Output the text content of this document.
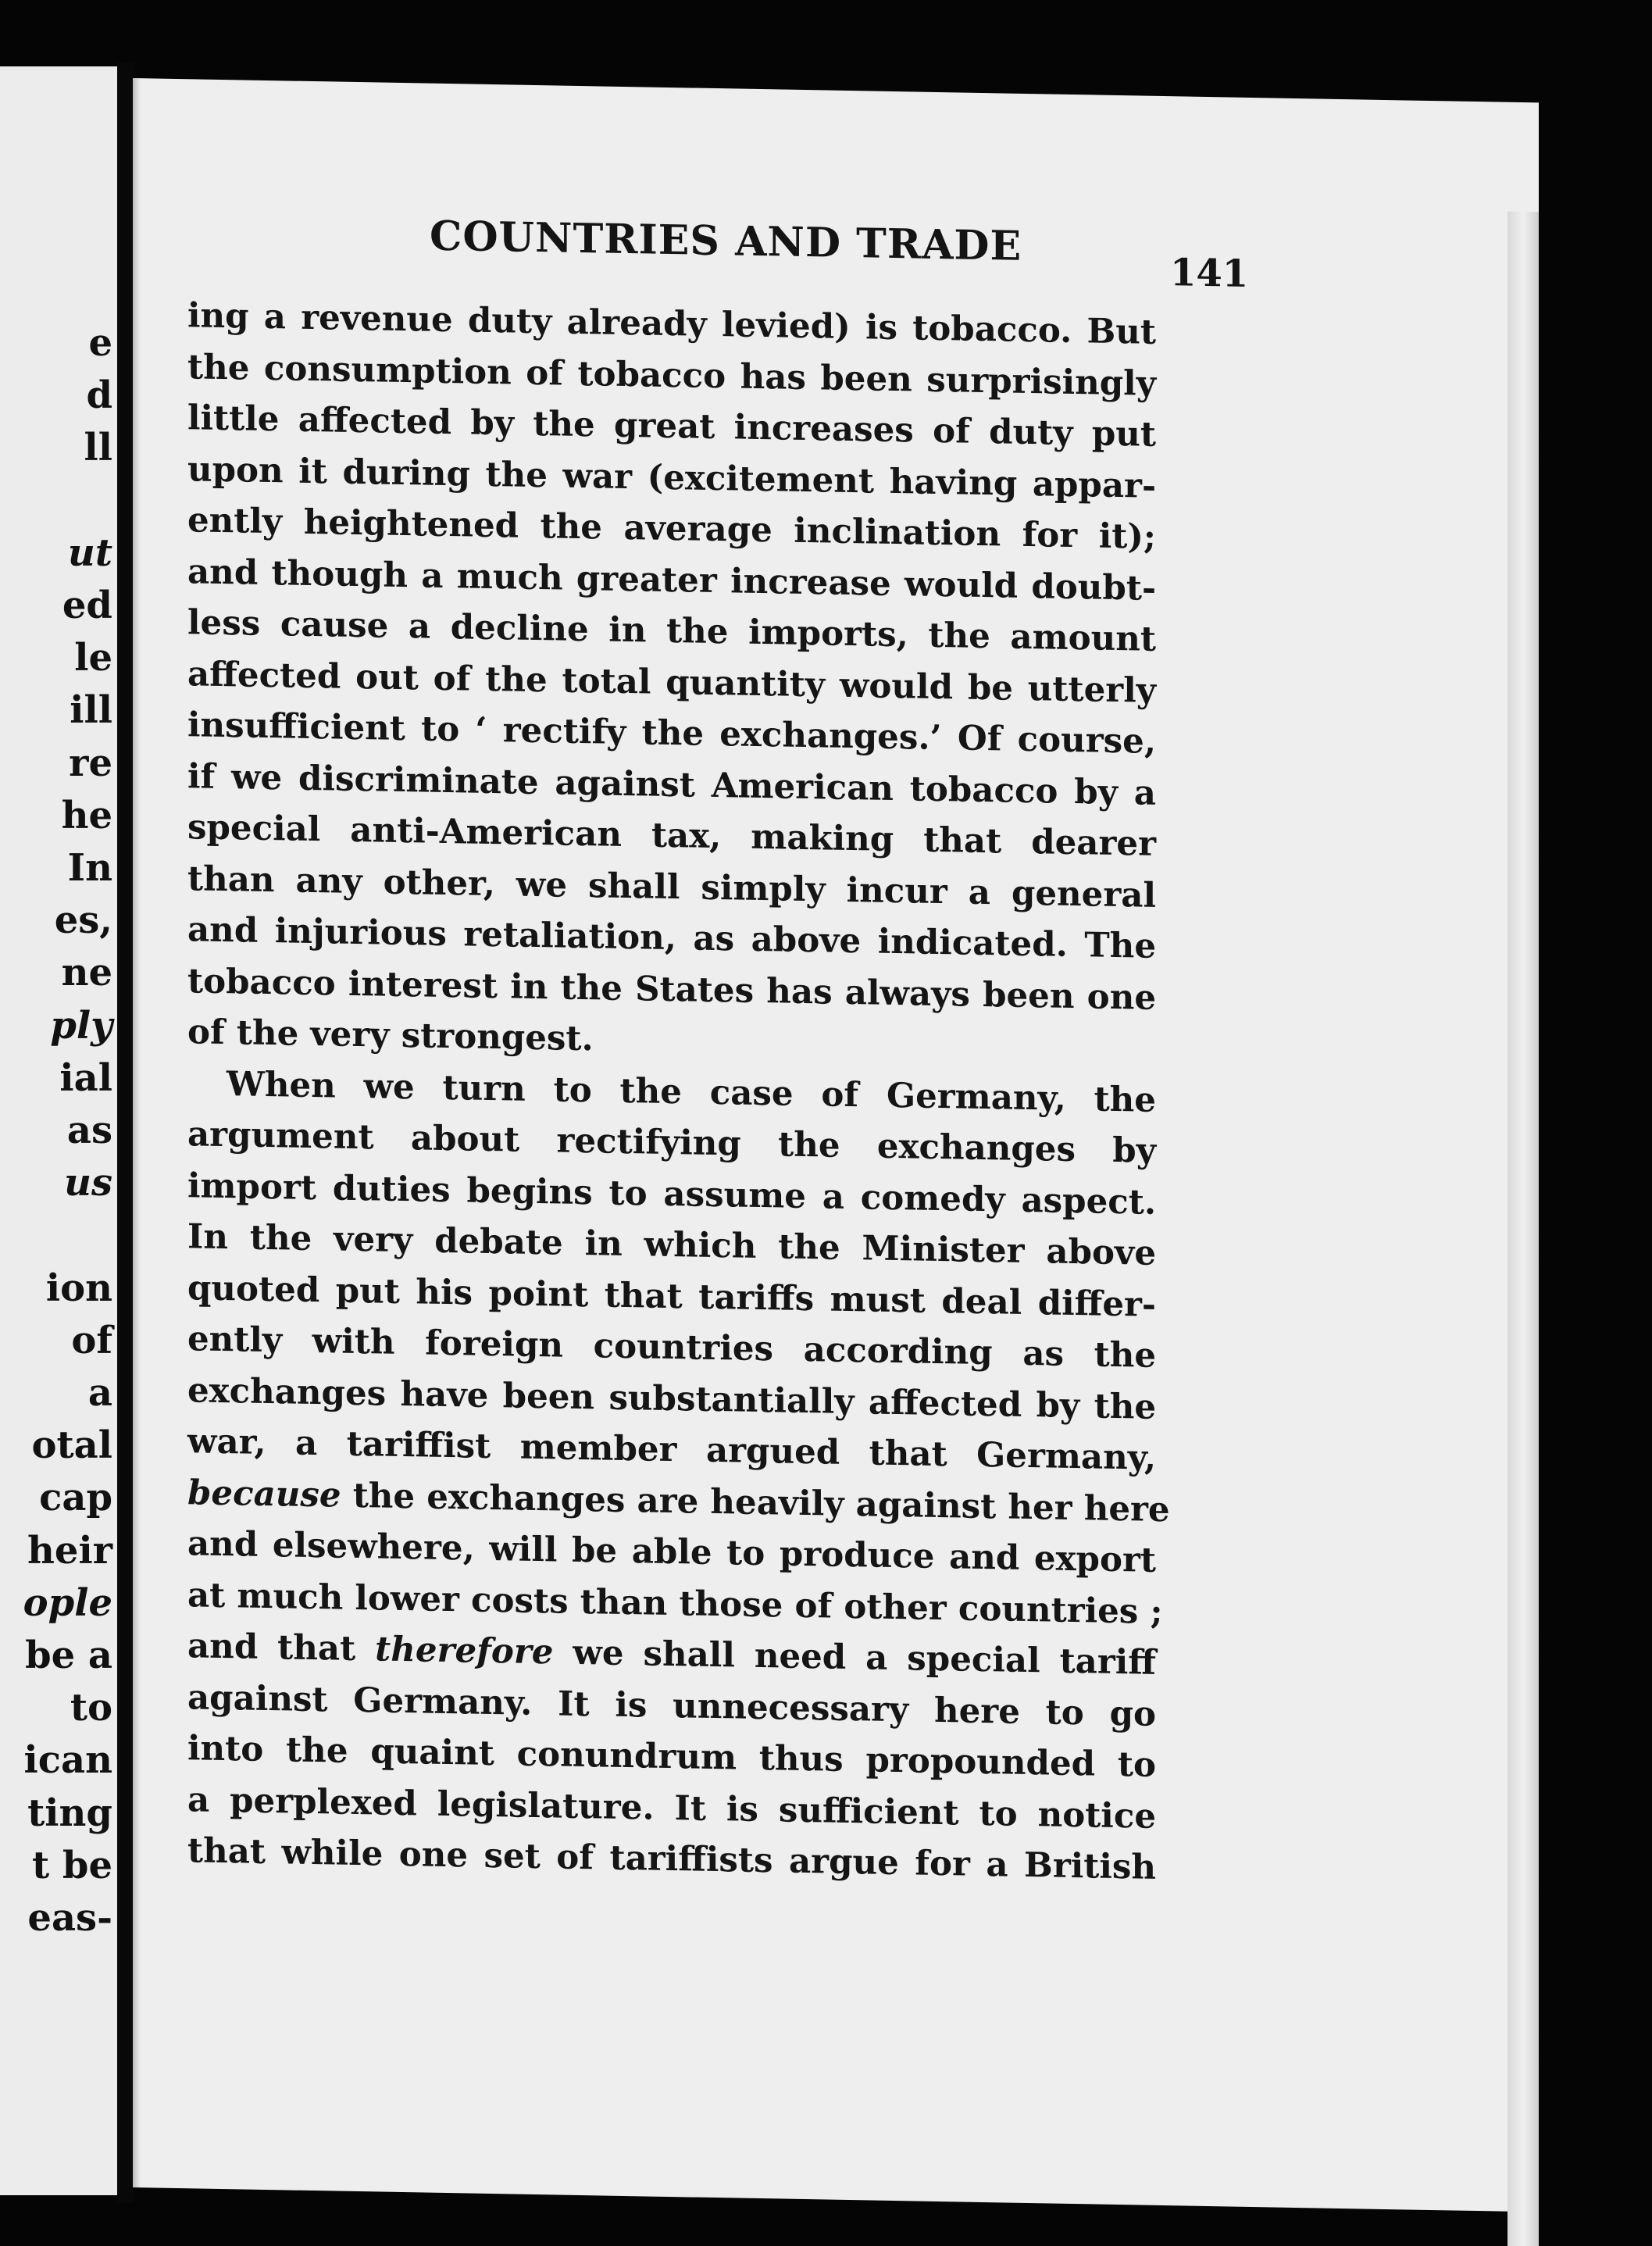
e
d
ll
ut
ed
le
ill
re
he
In
es,
ne
ply
ial
as
us
ion
of
a
otal
cap
heir
ople
be a
to
ican
ting
t be
eas-
COUNTRIES AND TRADE
141
ing a revenue duty already levied) is tobacco. But
the consumption of tobacco has been surprisingly
little affected by the great increases of duty put
upon it during the war (excitement having appar-
ently heightened the average inclination for it);
and though a much greater increase would doubt-
less cause a decline in the imports, the amount
affected out of the total quantity would be utterly
insufficient to ‘ rectify the exchanges.’ Of course,
if we discriminate against American tobacco by a
special anti-American tax, making that dearer
than any other, we shall simply incur a general
and injurious retaliation, as above indicated. The
tobacco interest in the States has always been one
of the very strongest.
When we turn to the case of Germany, the
argument about rectifying the exchanges by
import duties begins to assume a comedy aspect.
In the very debate in which the Minister above
quoted put his point that tariffs must deal differ-
ently with foreign countries according as the
exchanges have been substantially affected by the
war, a tariffist member argued that Germany,
because the exchanges are heavily against her here
and elsewhere, will be able to produce and export
at much lower costs than those of other countries ;
and that therefore we shall need a special tariff
against Germany. It is unnecessary here to go
into the quaint conundrum thus propounded to
a perplexed legislature. It is sufficient to notice
that while one set of tariffists argue for a British
